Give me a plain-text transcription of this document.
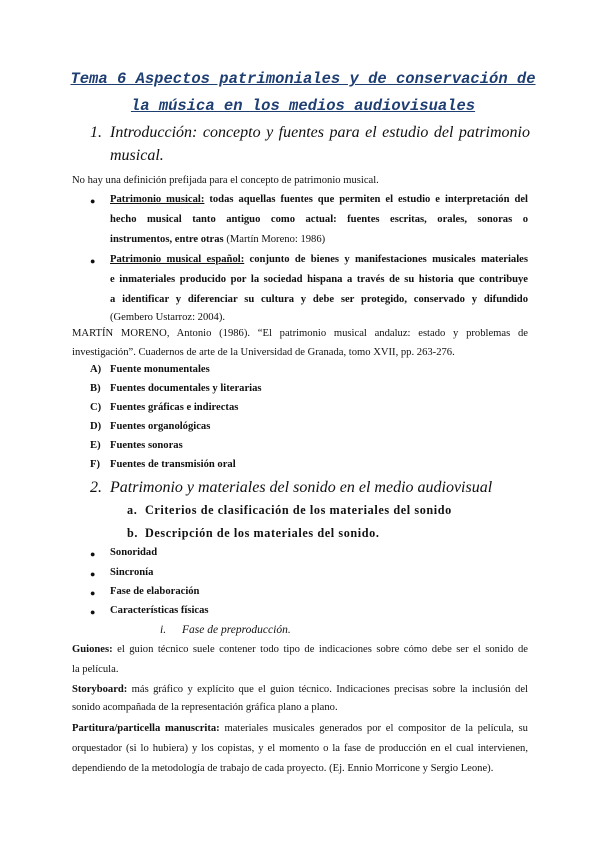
Tema 6 Aspectos patrimoniales y de conservación de
la música en los medios audiovisuales
1. Introducción: concepto y fuentes para el estudio del patrimonio
musical.
No hay una definición prefijada para el concepto de patrimonio musical.
● Patrimonio musical: todas aquellas fuentes que permiten el estudio e interpretación del
hecho musical tanto antiguo como actual: fuentes escritas, orales, sonoras o
instrumentos, entre otras (Martín Moreno: 1986)
● Patrimonio musical español: conjunto de bienes y manifestaciones musicales materiales
e inmateriales producido por la sociedad hispana a través de su historia que contribuye
a identificar y diferenciar su cultura y debe ser protegido, conservado y difundido
(Gembero Ustarroz: 2004).
MARTÍN MORENO, Antonio (1986). “El patrimonio musical andaluz: estado y problemas de
investigación”. Cuadernos de arte de la Universidad de Granada, tomo XVII, pp. 263-276.
A) Fuente monumentales
B) Fuentes documentales y literarias
C) Fuentes gráficas e indirectas
D) Fuentes organológicas
E) Fuentes sonoras
F) Fuentes de transmisión oral
2. Patrimonio y materiales del sonido en el medio audiovisual
a. Criterios de clasificación de los materiales del sonido
b. Descripción de los materiales del sonido.
● Sonoridad
● Sincronía
● Fase de elaboración
● Características físicas
i. Fase de preproducción.
Guiones: el guion técnico suele contener todo tipo de indicaciones sobre cómo debe ser el sonido de
la película.
Storyboard: más gráfico y explícito que el guion técnico. Indicaciones precisas sobre la inclusión del
sonido acompañada de la representación gráfica plano a plano.
Partitura/particella manuscrita: materiales musicales generados por el compositor de la película, su
orquestador (si lo hubiera) y los copistas, y el momento o la fase de producción en el cual intervienen,
dependiendo de la metodología de trabajo de cada proyecto. (Ej. Ennio Morricone y Sergio Leone).
